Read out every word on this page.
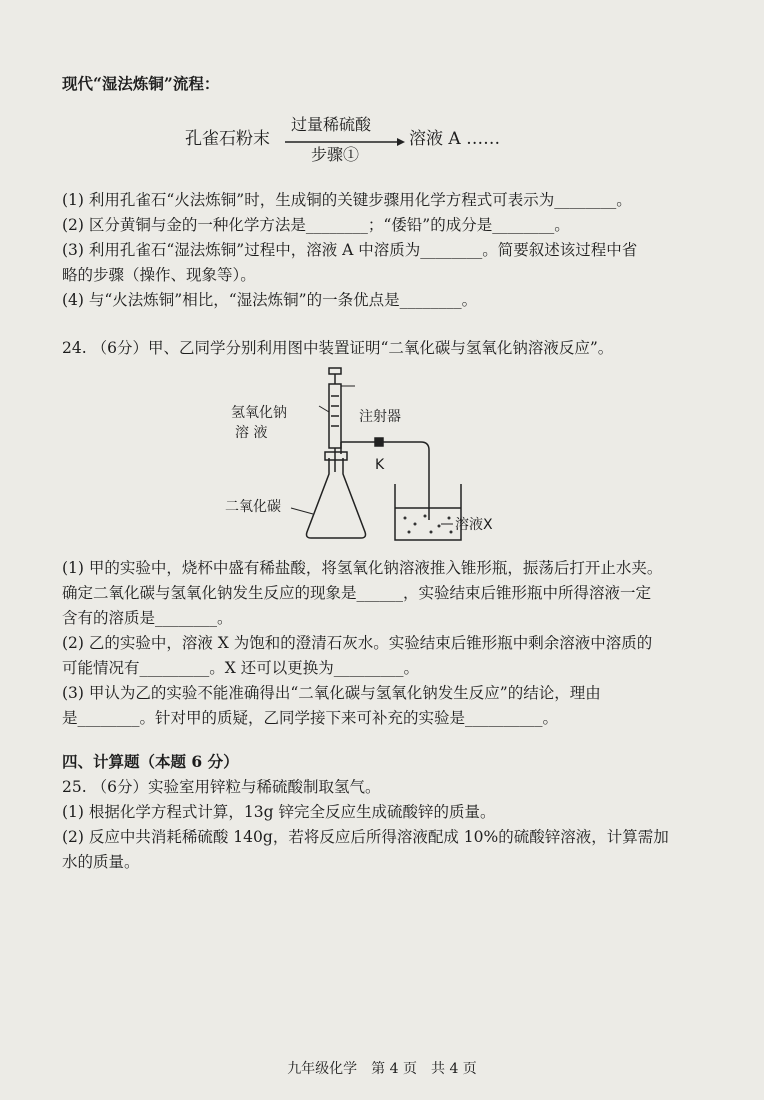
现代“湿法炼铜”流程：
孔雀石粉末
过量稀硫酸
步骤①
溶液 A ……
(1) 利用孔雀石“火法炼铜”时，生成铜的关键步骤用化学方程式可表示为________。
(2) 区分黄铜与金的一种化学方法是________；“倭铅”的成分是________。
(3) 利用孔雀石“湿法炼铜”过程中，溶液 A 中溶质为________。简要叙述该过程中省
略的步骤（操作、现象等）。
(4) 与“火法炼铜”相比，“湿法炼铜”的一条优点是________。
24. （6分）甲、乙同学分别利用图中装置证明“二氧化碳与氢氧化钠溶液反应”。
氢氧化钠
溶 液
注射器
K
二氧化碳
溶液X
(1) 甲的实验中，烧杯中盛有稀盐酸，将氢氧化钠溶液推入锥形瓶，振荡后打开止水夹。
确定二氧化碳与氢氧化钠发生反应的现象是______，实验结束后锥形瓶中所得溶液一定
含有的溶质是________。
(2) 乙的实验中，溶液 X 为饱和的澄清石灰水。实验结束后锥形瓶中剩余溶液中溶质的
可能情况有_________。X 还可以更换为_________。
(3) 甲认为乙的实验不能准确得出“二氧化碳与氢氧化钠发生反应”的结论，理由
是________。针对甲的质疑，乙同学接下来可补充的实验是__________。
四、计算题（本题 6 分）
25. （6分）实验室用锌粒与稀硫酸制取氢气。
(1) 根据化学方程式计算，13g 锌完全反应生成硫酸锌的质量。
(2) 反应中共消耗稀硫酸 140g，若将反应后所得溶液配成 10%的硫酸锌溶液，计算需加
水的质量。
九年级化学　第 4 页　共 4 页
